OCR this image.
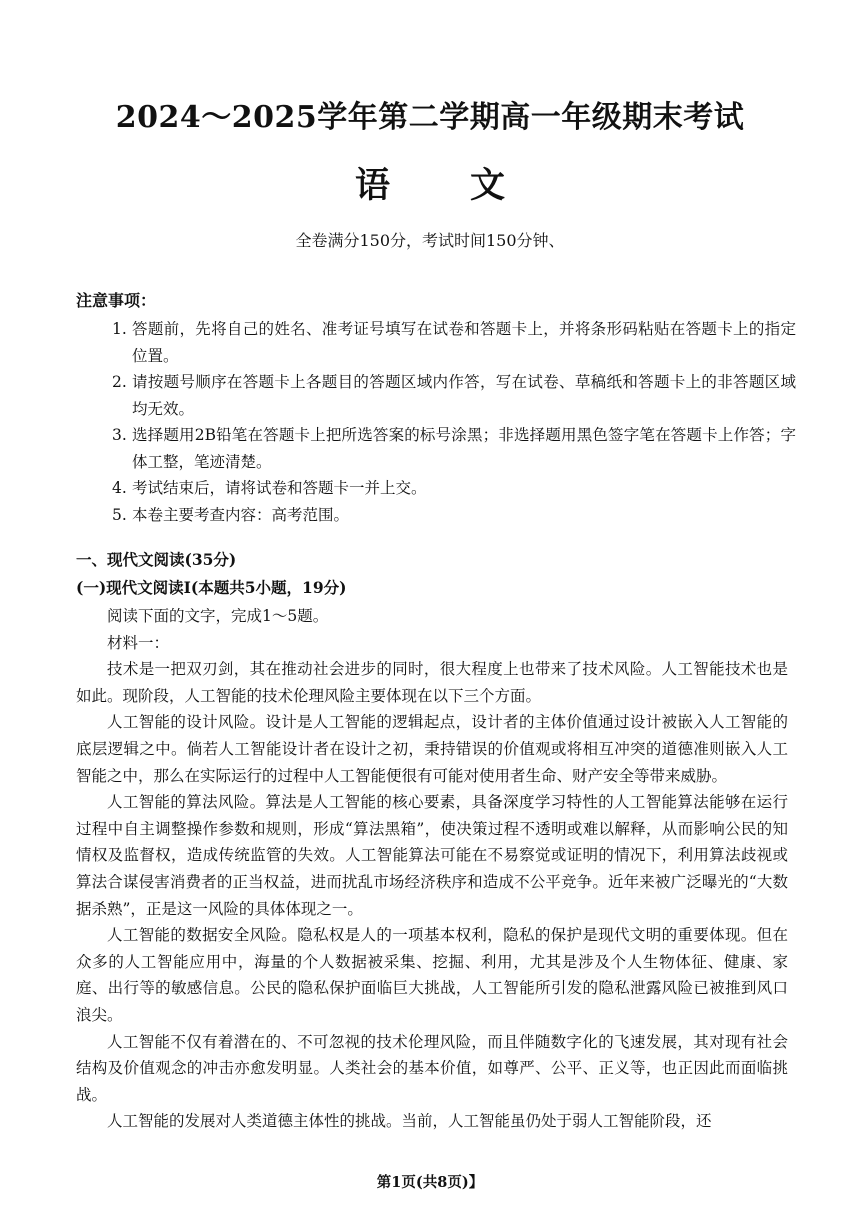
2024～2025学年第二学期高一年级期末考试
语 文
全卷满分150分，考试时间150分钟、
注意事项：
1. 答题前，先将自己的姓名、准考证号填写在试卷和答题卡上，并将条形码粘贴在答题卡上的指定位置。
2. 请按题号顺序在答题卡上各题目的答题区域内作答，写在试卷、草稿纸和答题卡上的非答题区域均无效。
3. 选择题用2B铅笔在答题卡上把所选答案的标号涂黑；非选择题用黑色签字笔在答题卡上作答；字体工整，笔迹清楚。
4. 考试结束后，请将试卷和答题卡一并上交。
5. 本卷主要考查内容：高考范围。
一、现代文阅读(35分)
(一)现代文阅读Ⅰ(本题共5小题，19分)

阅读下面的文字，完成1～5题。

材料一：

技术是一把双刃剑，其在推动社会进步的同时，很大程度上也带来了技术风险。人工智能技术也是如此。现阶段，人工智能的技术伦理风险主要体现在以下三个方面。

人工智能的设计风险。设计是人工智能的逻辑起点，设计者的主体价值通过设计被嵌入人工智能的底层逻辑之中。倘若人工智能设计者在设计之初，秉持错误的价值观或将相互冲突的道德准则嵌入人工智能之中，那么在实际运行的过程中人工智能便很有可能对使用者生命、财产安全等带来威胁。

人工智能的算法风险。算法是人工智能的核心要素，具备深度学习特性的人工智能算法能够在运行过程中自主调整操作参数和规则，形成“算法黑箱”，使决策过程不透明或难以解释，从而影响公民的知情权及监督权，造成传统监管的失效。人工智能算法可能在不易察觉或证明的情况下，利用算法歧视或算法合谋侵害消费者的正当权益，进而扰乱市场经济秩序和造成不公平竞争。近年来被广泛曝光的“大数据杀熟”，正是这一风险的具体体现之一。

人工智能的数据安全风险。隐私权是人的一项基本权利，隐私的保护是现代文明的重要体现。但在众多的人工智能应用中，海量的个人数据被采集、挖掘、利用，尤其是涉及个人生物体征、健康、家庭、出行等的敏感信息。公民的隐私保护面临巨大挑战，人工智能所引发的隐私泄露风险已被推到风口浪尖。

人工智能不仅有着潜在的、不可忽视的技术伦理风险，而且伴随数字化的飞速发展，其对现有社会结构及价值观念的冲击亦愈发明显。人类社会的基本价值，如尊严、公平、正义等，也正因此而面临挑战。

人工智能的发展对人类道德主体性的挑战。当前，人工智能虽仍处于弱人工智能阶段，还

第1页(共8页)】
